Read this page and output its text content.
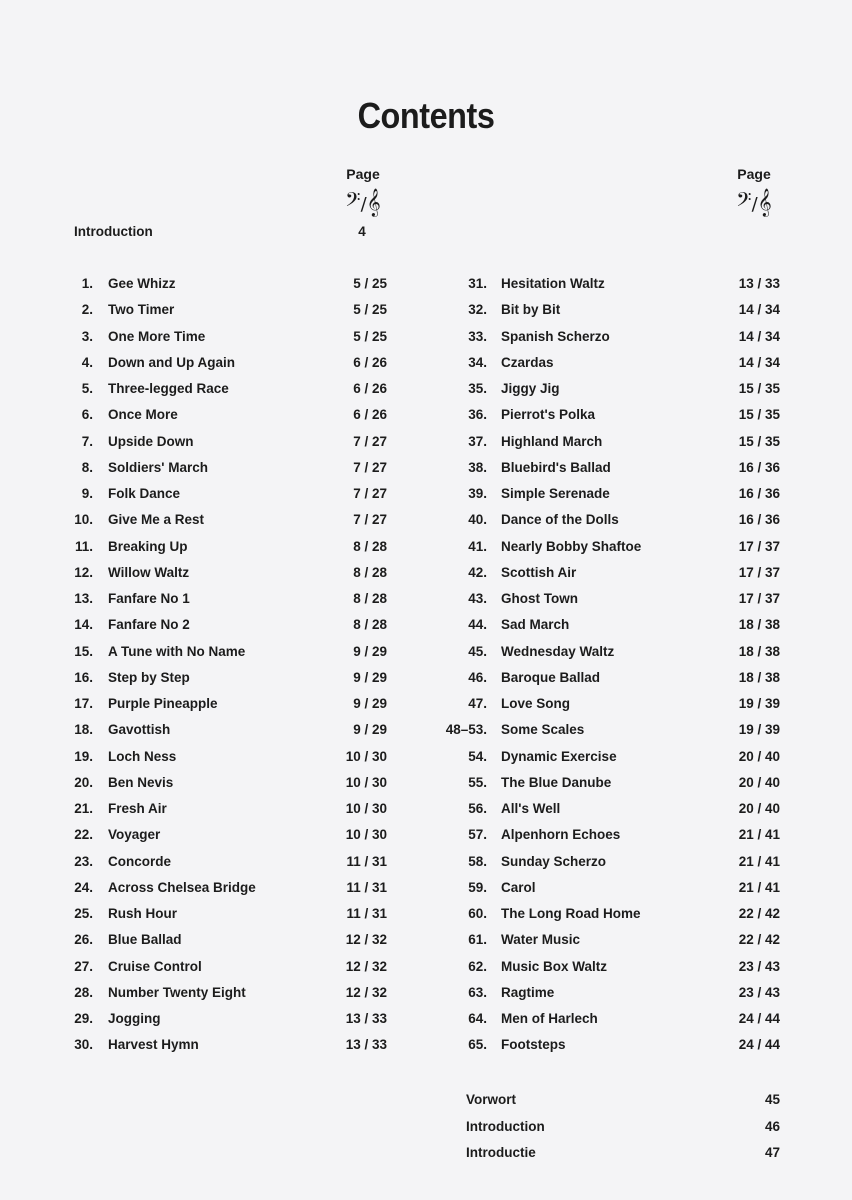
Contents
Page
𝄢/𝄞
Page
𝄢/𝄞
Introduction	4
1. Gee Whizz	5 / 25
2. Two Timer	5 / 25
3. One More Time	5 / 25
4. Down and Up Again	6 / 26
5. Three-legged Race	6 / 26
6. Once More	6 / 26
7. Upside Down	7 / 27
8. Soldiers' March	7 / 27
9. Folk Dance	7 / 27
10. Give Me a Rest	7 / 27
11. Breaking Up	8 / 28
12. Willow Waltz	8 / 28
13. Fanfare No 1	8 / 28
14. Fanfare No 2	8 / 28
15. A Tune with No Name	9 / 29
16. Step by Step	9 / 29
17. Purple Pineapple	9 / 29
18. Gavottish	9 / 29
19. Loch Ness	10 / 30
20. Ben Nevis	10 / 30
21. Fresh Air	10 / 30
22. Voyager	10 / 30
23. Concorde	11 / 31
24. Across Chelsea Bridge	11 / 31
25. Rush Hour	11 / 31
26. Blue Ballad	12 / 32
27. Cruise Control	12 / 32
28. Number Twenty Eight	12 / 32
29. Jogging	13 / 33
30. Harvest Hymn	13 / 33
31. Hesitation Waltz	13 / 33
32. Bit by Bit	14 / 34
33. Spanish Scherzo	14 / 34
34. Czardas	14 / 34
35. Jiggy Jig	15 / 35
36. Pierrot's Polka	15 / 35
37. Highland March	15 / 35
38. Bluebird's Ballad	16 / 36
39. Simple Serenade	16 / 36
40. Dance of the Dolls	16 / 36
41. Nearly Bobby Shaftoe	17 / 37
42. Scottish Air	17 / 37
43. Ghost Town	17 / 37
44. Sad March	18 / 38
45. Wednesday Waltz	18 / 38
46. Baroque Ballad	18 / 38
47. Love Song	19 / 39
48–53. Some Scales	19 / 39
54. Dynamic Exercise	20 / 40
55. The Blue Danube	20 / 40
56. All's Well	20 / 40
57. Alpenhorn Echoes	21 / 41
58. Sunday Scherzo	21 / 41
59. Carol	21 / 41
60. The Long Road Home	22 / 42
61. Water Music	22 / 42
62. Music Box Waltz	23 / 43
63. Ragtime	23 / 43
64. Men of Harlech	24 / 44
65. Footsteps	24 / 44
Vorwort	45
Introduction	46
Introductie	47
